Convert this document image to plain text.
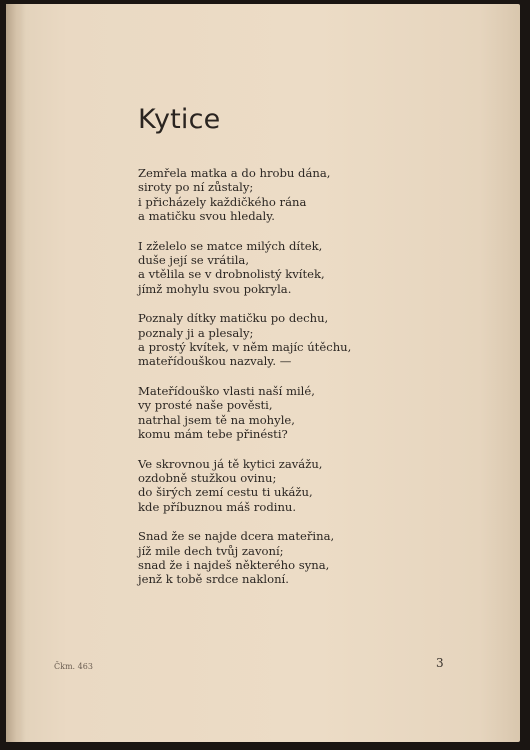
Kytice
Zemřela matka a do hrobu dána,
siroty po ní zůstaly;
i přicházely každičkého rána
a matičku svou hledaly.
I zželelo se matce milých dítek,
duše její se vrátila,
a vtělila se v drobnolistý kvítek,
jímž mohylu svou pokryla.
Poznaly dítky matičku po dechu,
poznaly ji a plesaly;
a prostý kvítek, v něm majíc útěchu,
mateřídouškou nazvaly. —
Mateřídouško vlasti naší milé,
vy prosté naše pověsti,
natrhal jsem tě na mohyle,
komu mám tebe přinésti?
Ve skrovnou já tě kytici zavážu,
ozdobně stužkou ovinu;
do širých zemí cestu ti ukážu,
kde příbuznou máš rodinu.
Snad že se najde dcera mateřina,
jíž mile dech tvůj zavoní;
snad že i najdeš některého syna,
jenž k tobě srdce nakloní.
Čkm. 463	3
